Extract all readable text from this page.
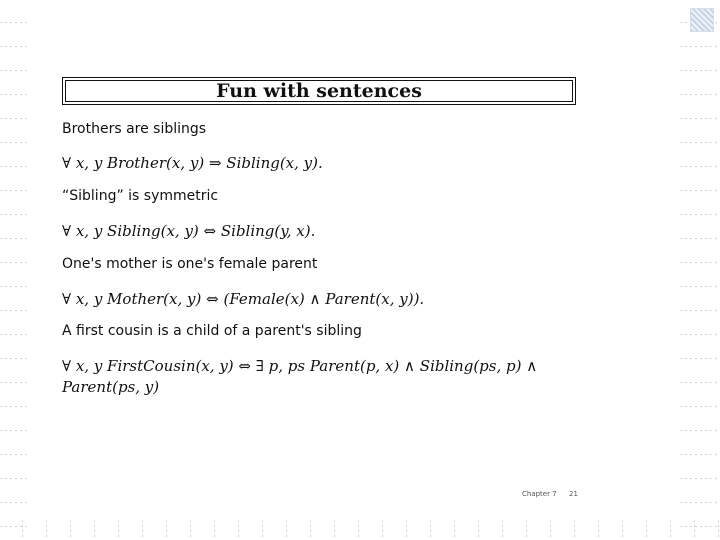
Fun with sentences
Brothers are siblings
∀ x, y Brother(x, y) ⇒ Sibling(x, y).
“Sibling” is symmetric
∀ x, y Sibling(x, y) ⇔ Sibling(y, x).
One's mother is one's female parent
∀ x, y Mother(x, y) ⇔ (Female(x) ∧ Parent(x, y)).
A first cousin is a child of a parent's sibling
∀ x, y FirstCousin(x, y) ⇔ ∃ p, ps Parent(p, x) ∧ Sibling(ps, p) ∧
Parent(ps, y)
Chapter 7 21
